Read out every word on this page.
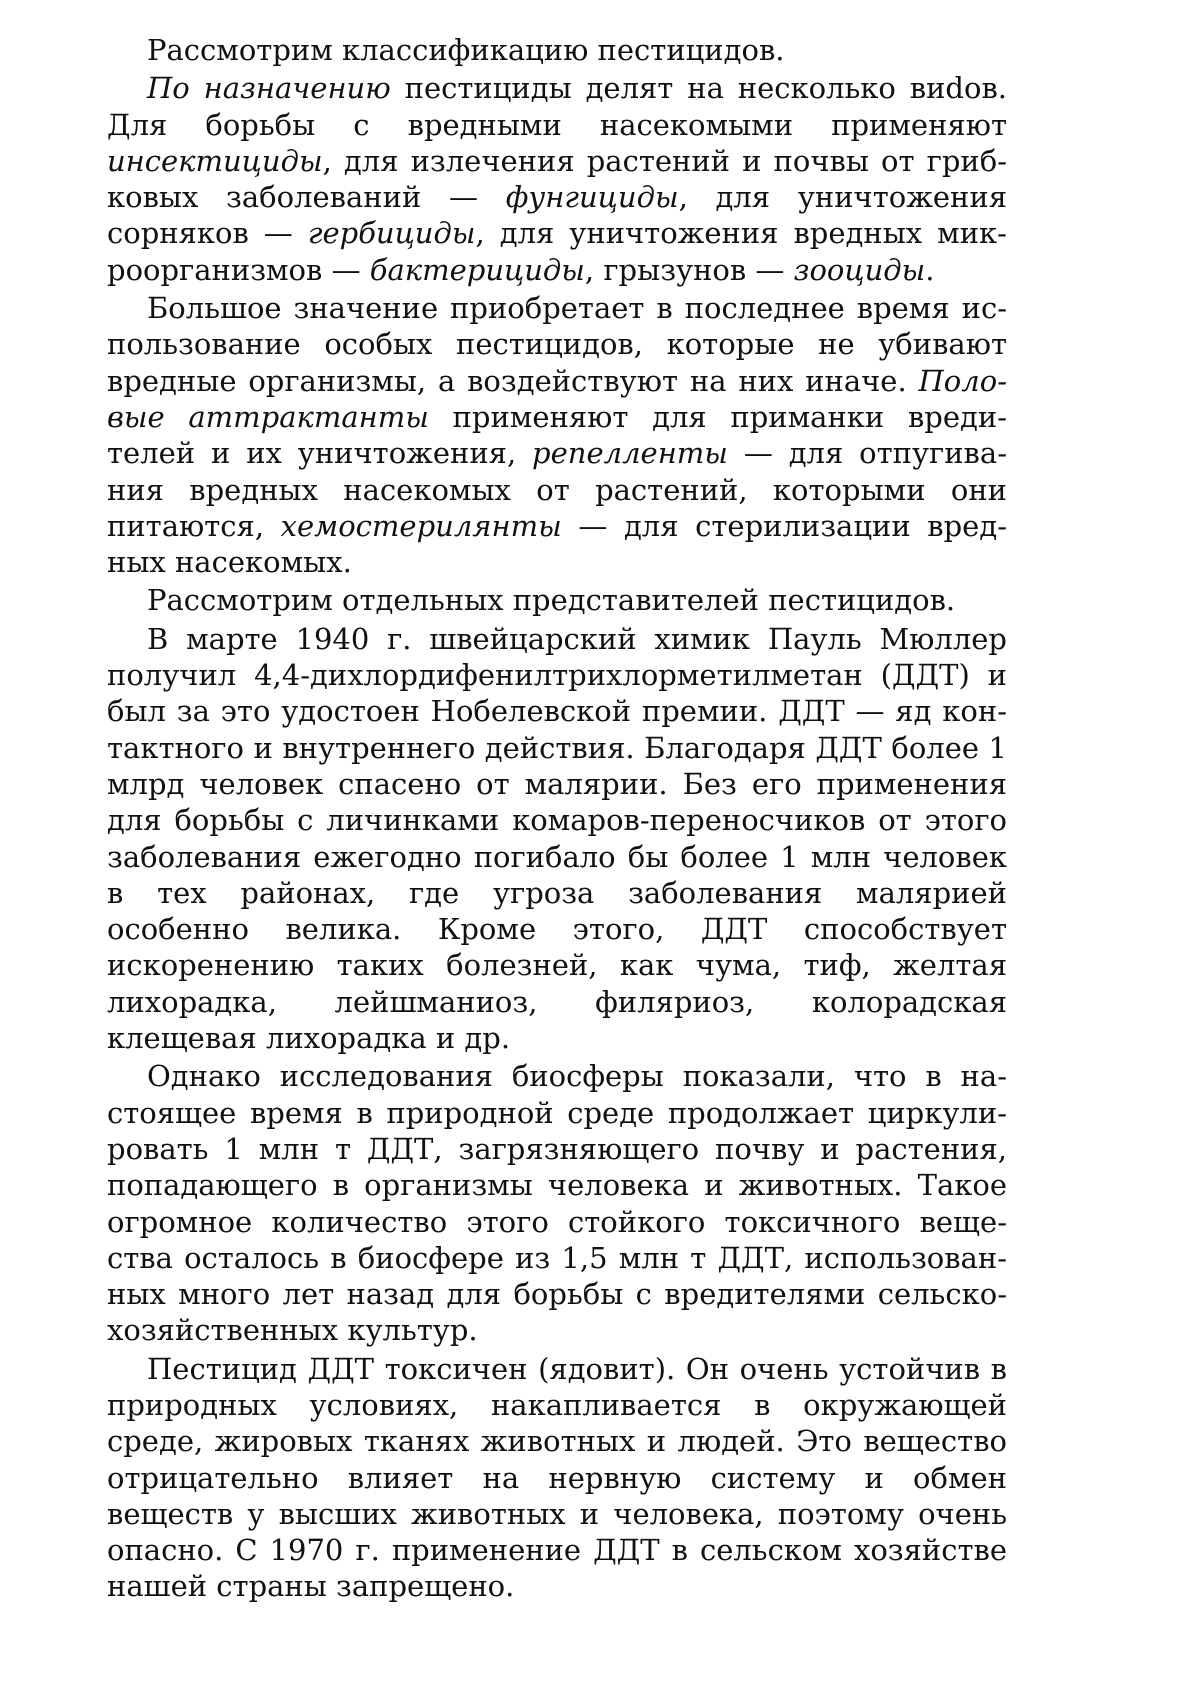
Рассмотрим классификацию пестицидов.

По назначению пестициды делят на несколько виdов. Для борьбы с вредными насекомыми применяют инсектициды, для излечения растений и почвы от грибковых заболеваний — фунгициды, для уничтожения сорняков — гербициды, для уничтожения вредных микроорганизмов — бактерициды, грызунов — зооциды.

Большое значение приобретает в последнее время использование особых пестицидов, которые не убивают вредные организмы, а воздействуют на них иначе. Половые аттрактанты применяют для приманки вредителей и их уничтожения, репелленты — для отпугивания вредных насекомых от растений, которыми они питаются, хемостерилянты — для стерилизации вредных насекомых.

Рассмотрим отдельных представителей пестицидов.

В марте 1940 г. швейцарский химик Пауль Мюллер получил 4,4-дихлордифенилтрихлорметилметан (ДДТ) и был за это удостоен Нобелевской премии. ДДТ — яд контактного и внутреннего действия. Благодаря ДДТ более 1 млрд человек спасено от малярии. Без его применения для борьбы с личинками комаров-переносчиков от этого заболевания ежегодно погибало бы более 1 млн человек в тех районах, где угроза заболевания малярией особенно велика. Кроме этого, ДДТ способствует искоренению таких болезней, как чума, тиф, желтая лихорадка, лейшманиоз, филяриоз, колорадская клещевая лихорадка и др.

Однако исследования биосферы показали, что в настоящее время в природной среде продолжает циркулировать 1 млн т ДДТ, загрязняющего почву и растения, попадающего в организмы человека и животных. Такое огромное количество этого стойкого токсичного вещества осталось в биосфере из 1,5 млн т ДДТ, использованных много лет назад для борьбы с вредителями сельскохозяйственных культур.

Пестицид ДДТ токсичен (ядовит). Он очень устойчив в природных условиях, накапливается в окружающей среде, жировых тканях животных и людей. Это вещество отрицательно влияет на нервную систему и обмен веществ у высших животных и человека, поэтому очень опасно. С 1970 г. применение ДДТ в сельском хозяйстве нашей страны запрещено.
